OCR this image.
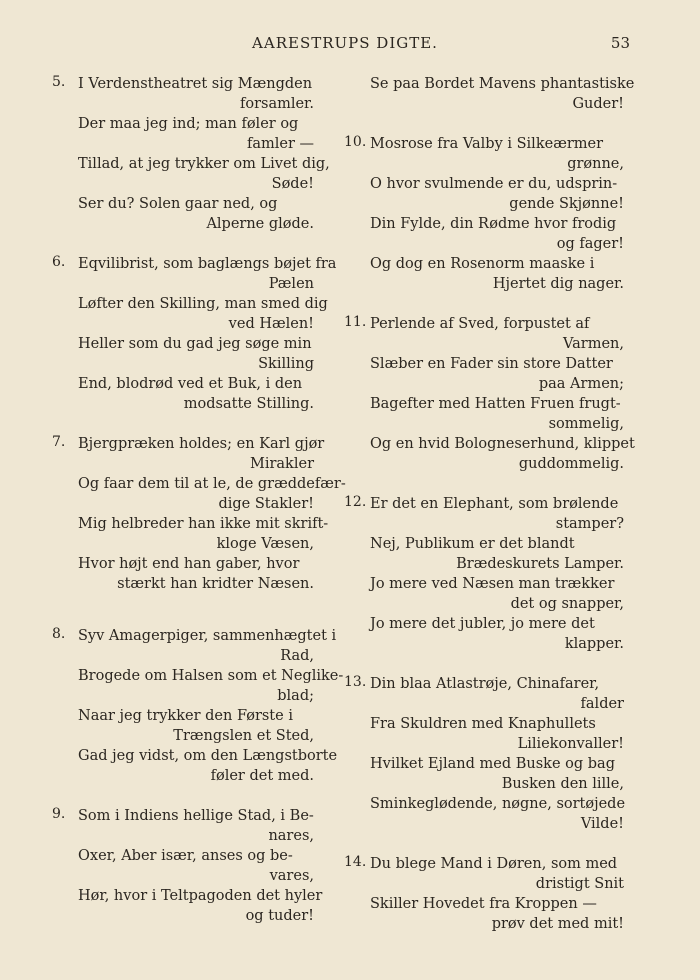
AARESTRUPS DIGTE.	53
5. I Verdenstheatret sig Mængden
forsamler.
Der maa jeg ind; man føler og
famler —
Tillad, at jeg trykker om Livet dig,
Søde!
Ser du? Solen gaar ned, og
Alperne gløde.
6. Eqvilibrist, som baglængs bøjet fra
Pælen
Løfter den Skilling, man smed dig
ved Hælen!
Heller som du gad jeg søge min
Skilling
End, blodrød ved et Buk, i den
modsatte Stilling.
7. Bjergpræken holdes; en Karl gjør
Mirakler
Og faar dem til at le, de græddefær-
dige Stakler!
Mig helbreder han ikke mit skrift-
kloge Væsen,
Hvor højt end han gaber, hvor
stærkt han kridter Næsen.
8. Syv Amagerpiger, sammenhægtet i
Rad,
Brogede om Halsen som et Neglike-
blad;
Naar jeg trykker den Første i
Trængslen et Sted,
Gad jeg vidst, om den Længstborte
føler det med.
9. Som i Indiens hellige Stad, i Be-
nares,
Oxer, Aber især, anses og be-
vares,
Hør, hvor i Teltpagoden det hyler
og tuder!
Se paa Bordet Mavens phantastiske
Guder!
10. Mosrose fra Valby i Silkeærmer
grønne,
O hvor svulmende er du, udsprin-
gende Skjønne!
Din Fylde, din Rødme hvor frodig
og fager!
Og dog en Rosenorm maaske i
Hjertet dig nager.
11. Perlende af Sved, forpustet af
Varmen,
Slæber en Fader sin store Datter
paa Armen;
Bagefter med Hatten Fruen frugt-
sommelig,
Og en hvid Bologneserhund, klippet
guddommelig.
12. Er det en Elephant, som brølende
stamper?
Nej, Publikum er det blandt
Brædeskurets Lamper.
Jo mere ved Næsen man trækker
det og snapper,
Jo mere det jubler, jo mere det
klapper.
13. Din blaa Atlastrøje, Chinafarer,
falder
Fra Skuldren med Knaphullets
Liliekonvaller!
Hvilket Ejland med Buske og bag
Busken den lille,
Sminkeglødende, nøgne, sortøjede
Vilde!
14. Du blege Mand i Døren, som med
dristigt Snit
Skiller Hovedet fra Kroppen —
prøv det med mit!
